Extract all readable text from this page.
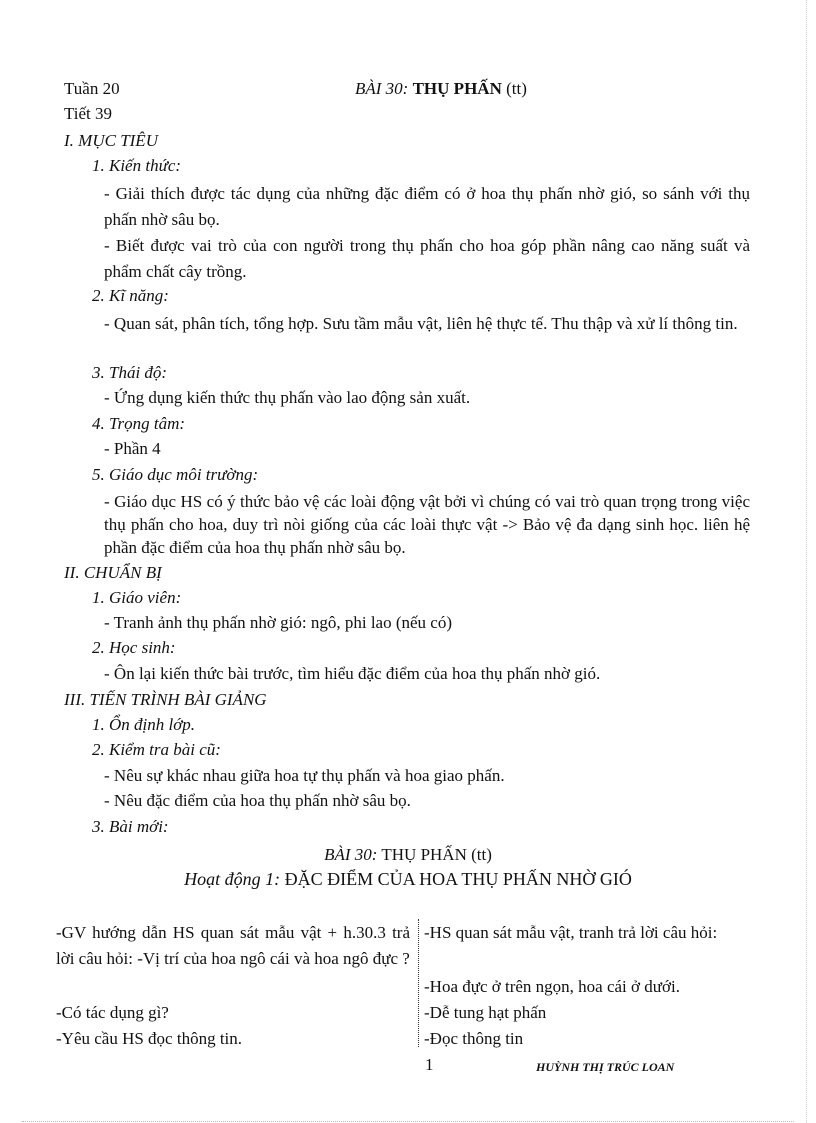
Tuần 20	BÀI 30: THỤ PHẤN (tt)
Tiết 39
I. MỤC TIÊU
1. Kiến thức:
- Giải thích được tác dụng của những đặc điểm có ở hoa thụ phấn nhờ gió, so sánh với thụ phấn nhờ sâu bọ.
- Biết được vai trò của con người trong thụ phấn cho hoa góp phần nâng cao năng suất và phẩm chất cây trồng.
2. Kĩ năng:
- Quan sát, phân tích, tổng hợp. Sưu tầm mẫu vật, liên hệ thực tế. Thu thập và xử lí thông tin.
3. Thái độ:
- Ứng dụng kiến thức thụ phấn vào lao động sản xuất.
4. Trọng tâm:
- Phần 4
5. Giáo dục môi trường:
- Giáo dục HS có ý thức bảo vệ các loài động vật bởi vì chúng có vai trò quan trọng trong việc thụ phấn cho hoa, duy trì nòi giống của các loài thực vật -> Bảo vệ đa dạng sinh học. liên hệ phần đặc điểm của hoa thụ phấn nhờ sâu bọ.
II. CHUẨN BỊ
1. Giáo viên:
- Tranh ảnh thụ phấn nhờ gió: ngô, phi lao (nếu có)
2. Học sinh:
- Ôn lại kiến thức bài trước, tìm hiểu đặc điểm của hoa thụ phấn nhờ gió.
III. TIẾN TRÌNH BÀI GIẢNG
1. Ổn định lớp.
2. Kiểm tra bài cũ:
- Nêu sự khác nhau giữa hoa tự thụ phấn và hoa giao phấn.
- Nêu đặc điểm của hoa thụ phấn nhờ sâu bọ.
3. Bài mới:
BÀI 30: THỤ PHẤN (tt)
Hoạt động 1: ĐẶC ĐIỂM CỦA HOA THỤ PHẤN NHỜ GIÓ
-GV hướng dẫn HS quan sát mẫu vật + h.30.3 trả lời câu hỏi: -Vị trí của hoa ngô cái và hoa ngô đực ?
-Có tác dụng gì?
-Yêu cầu HS đọc thông tin.
-HS quan sát mẫu vật, tranh trả lời câu hỏi:
-Hoa đực ở trên ngọn, hoa cái ở dưới.
-Dễ tung hạt phấn
-Đọc thông tin
1	HUỲNH THỊ TRÚC LOAN
